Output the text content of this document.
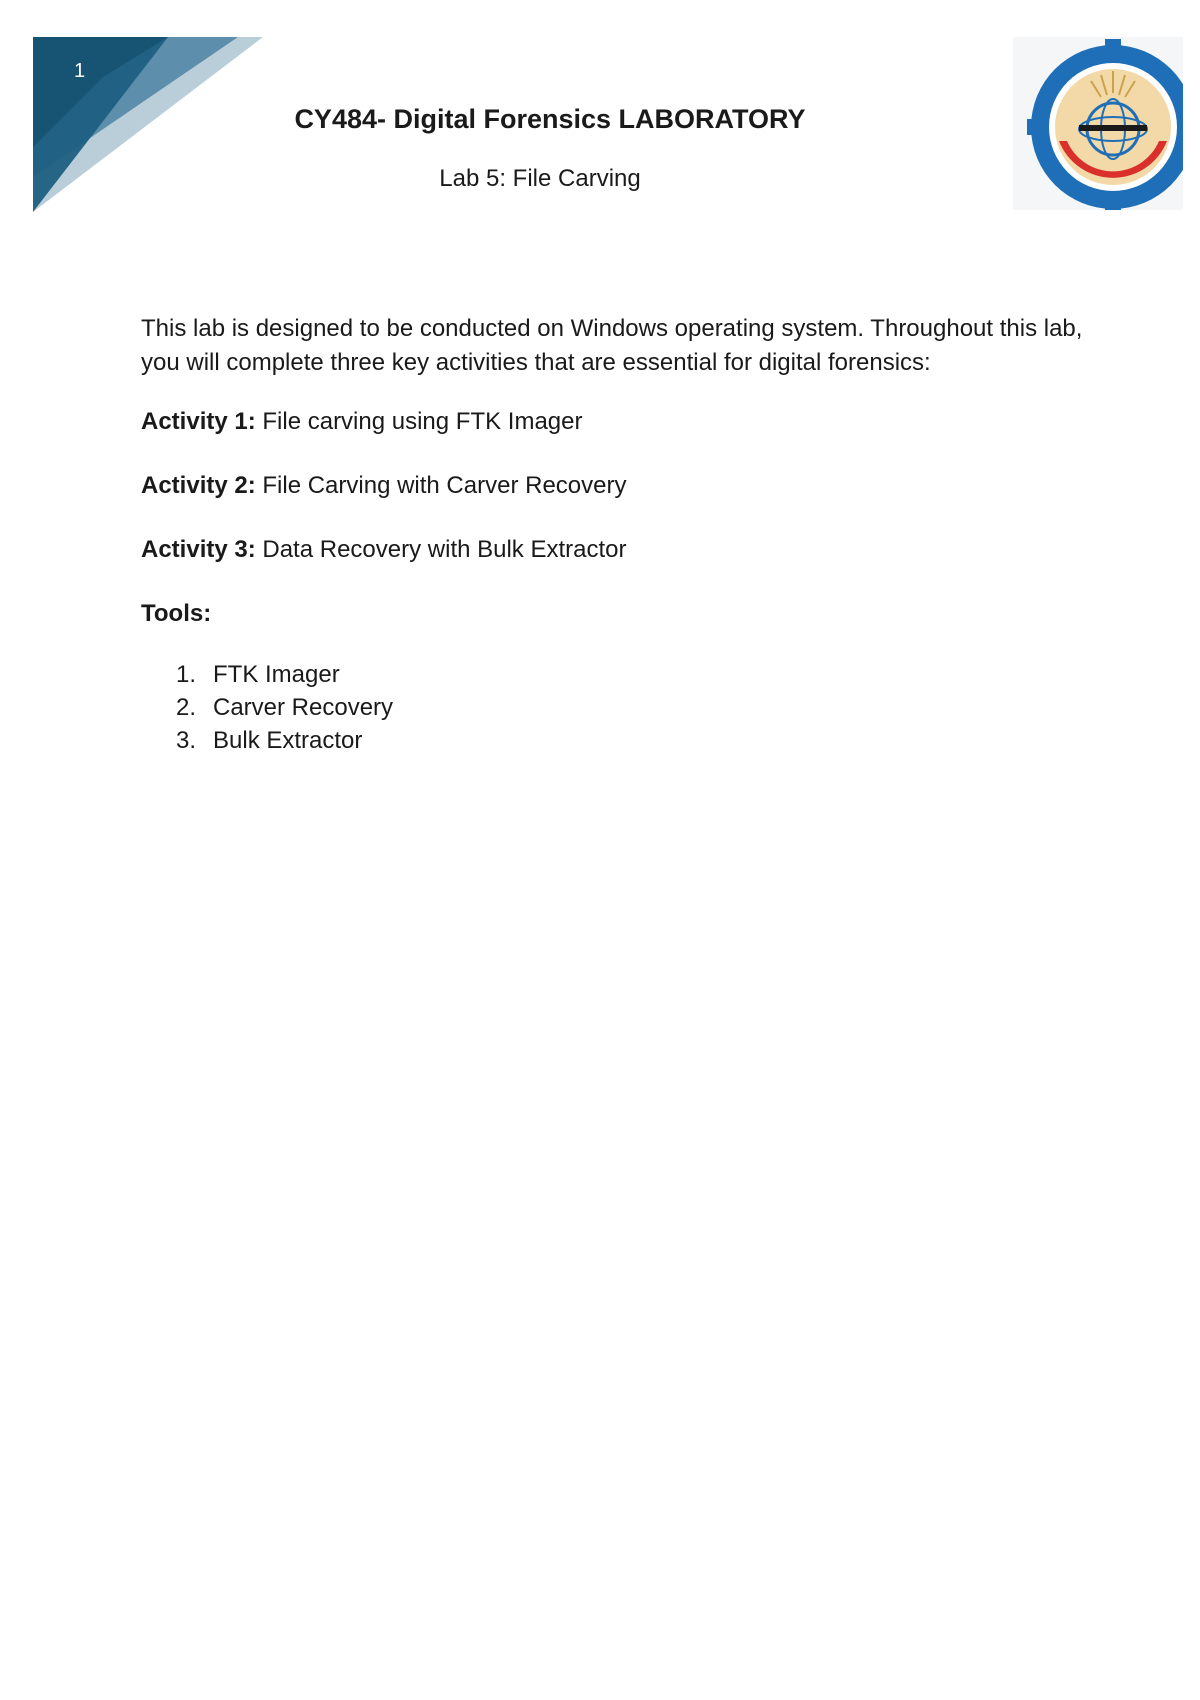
1
CY484- Digital Forensics LABORATORY
Lab 5: File Carving

This lab is designed to be conducted on Windows operating system. Throughout this lab, you will complete three key activities that are essential for digital forensics:

Activity 1: File carving using FTK Imager

Activity 2: File Carving with Carver Recovery

Activity 3: Data Recovery with Bulk Extractor

Tools:

1. FTK Imager
2. Carver Recovery
3. Bulk Extractor
